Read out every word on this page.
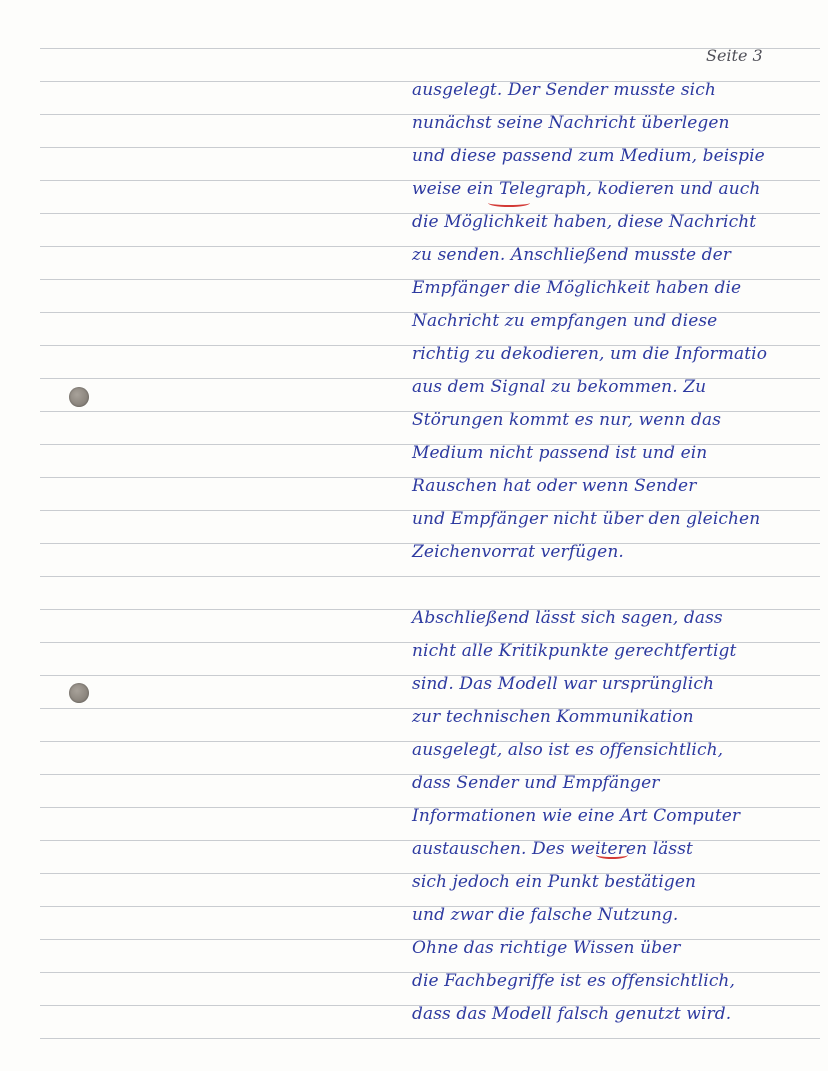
Seite 3
ausgelegt. Der Sender musste sich
nunächst seine Nachricht überlegen
und diese passend zum Medium, beispie
weise ein Telegraph, kodieren und auch
die Möglichkeit haben, diese Nachricht
zu senden. Anschließend musste der
Empfänger die Möglichkeit haben die
Nachricht zu empfangen und diese
richtig zu dekodieren, um die Informatio
aus dem Signal zu bekommen. Zu
Störungen kommt es nur, wenn das
Medium nicht passend ist und ein
Rauschen hat oder wenn Sender
und Empfänger nicht über den gleichen
Zeichenvorrat verfügen.
Abschließend lässt sich sagen, dass
nicht alle Kritikpunkte gerechtfertigt
sind. Das Modell war ursprünglich
zur technischen Kommunikation
ausgelegt, also ist es offensichtlich,
dass Sender und Empfänger
Informationen wie eine Art Computer
austauschen. Des weiteren lässt
sich jedoch ein Punkt bestätigen
und zwar die falsche Nutzung.
Ohne das richtige Wissen über
die Fachbegriffe ist es offensichtlich,
dass das Modell falsch genutzt wird.
